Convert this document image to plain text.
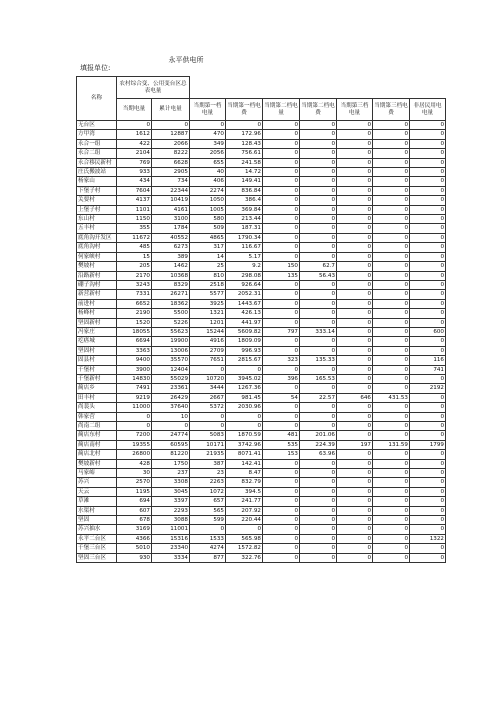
填报单位:
永平供电所
名称	农村综合变、公用变台区总表电量								
	当期电量	累计电量	当期第一档电量	当期第一档电费	当期第二档电量	当期第二档电费	当期第三档电量	当期第三档电费	非居民用电电量
无台区	0	0	0	0	0	0	0	0	0
方甲湾	1612	12887	470	172.96	0	0	0	0	0
永合一组	422	2066	349	128.43	0	0	0	0	0
永合二组	2104	8222	2056	756.61	0	0	0	0	0
永合移民新村	769	6628	655	241.58	0	0	0	0	0
庄氏搬波站	933	2905	40	14.72	0	0	0	0	0
杨家山	434	734	406	149.41	0	0	0	0	0
下堡子村	7604	22344	2274	836.84	0	0	0	0	0
关要村	4137	10419	1050	386.4	0	0	0	0	0
上堡子村	1101	4161	1005	369.84	0	0	0	0	0
东山村	1150	3100	580	213.44	0	0	0	0	0
五丰村	355	1784	509	187.31	0	0	0	0	0
底角沟开发区	11672	40552	4865	1790.34	0	0	0	0	0
底角沟村	485	6273	317	116.67	0	0	0	0	0
何家峡村	15	389	14	5.17	0	0	0	0	0
樊坡村	205	1462	25	9.2	150	62.7	0	0	0
沿路新村	2170	10368	810	298.08	135	56.43	0	0	0
硼子沟村	3243	8329	2518	926.64	0	0	0	0	0
新营新村	7331	26271	5577	2052.31	0	0	0	0	0
前进村	6652	18362	3925	1443.67	0	0	0	0	0
杨峰村	2190	5500	1321	426.13	0	0	0	0	0
坚固新村	1520	5226	1201	441.97	0	0	0	0	0
冯家庄	18055	55623	15244	5609.82	797	333.14	0	0	600
疙瘩城	6694	19900	4916	1809.09	0	0	0	0	0
坚固村	3363	13006	2709	996.93	0	0	0	0	0
固县村	9400	35570	7651	2815.67	323	135.33	0	0	116
千堡村	3900	12404	0	0	0	0	0	0	741
千堡新村	14830	55029	10720	3945.02	396	165.53	0	0	0
蔺店乡	7491	23361	3444	1267.36	0	0	0	0	2192
田丰村	9219	26429	2667	981.45	54	22.57	646	431.53	0
尚裴头	11000	37640	5372	2030.96	0	0	0	0	0
韩家营	0	10	0	0	0	0	0	0	0
尚南二组	0	0	0	0	0	0	0	0	0
蔺店东村	7200	24774	5083	1870.59	481	201.06	0	0	0
蔺店南村	19355	60595	10171	3742.96	535	224.39	197	131.59	1799
蔺店北村	26800	81220	21935	8071.41	153	63.96	0	0	0
樊坡新村	428	1750	387	142.41	0	0	0	0	0
马家峪	30	237	23	8.47	0	0	0	0	0
苏兴	2570	3308	2263	832.79	0	0	0	0	0
天云	1195	3045	1072	394.5	0	0	0	0	0
草滩	694	3397	657	241.77	0	0	0	0	0
水渠村	607	2293	565	207.92	0	0	0	0	0
坚固	678	3088	599	220.44	0	0	0	0	0
苏兴抽水	3169	11001	0	0	0	0	0	0	0
永平二台区	4366	15316	1533	565.98	0	0	0	0	1322
千堡三台区	5010	23340	4274	1572.82	0	0	0	0	0
坚固三台区	930	3334	877	322.76	0	0	0	0	0
